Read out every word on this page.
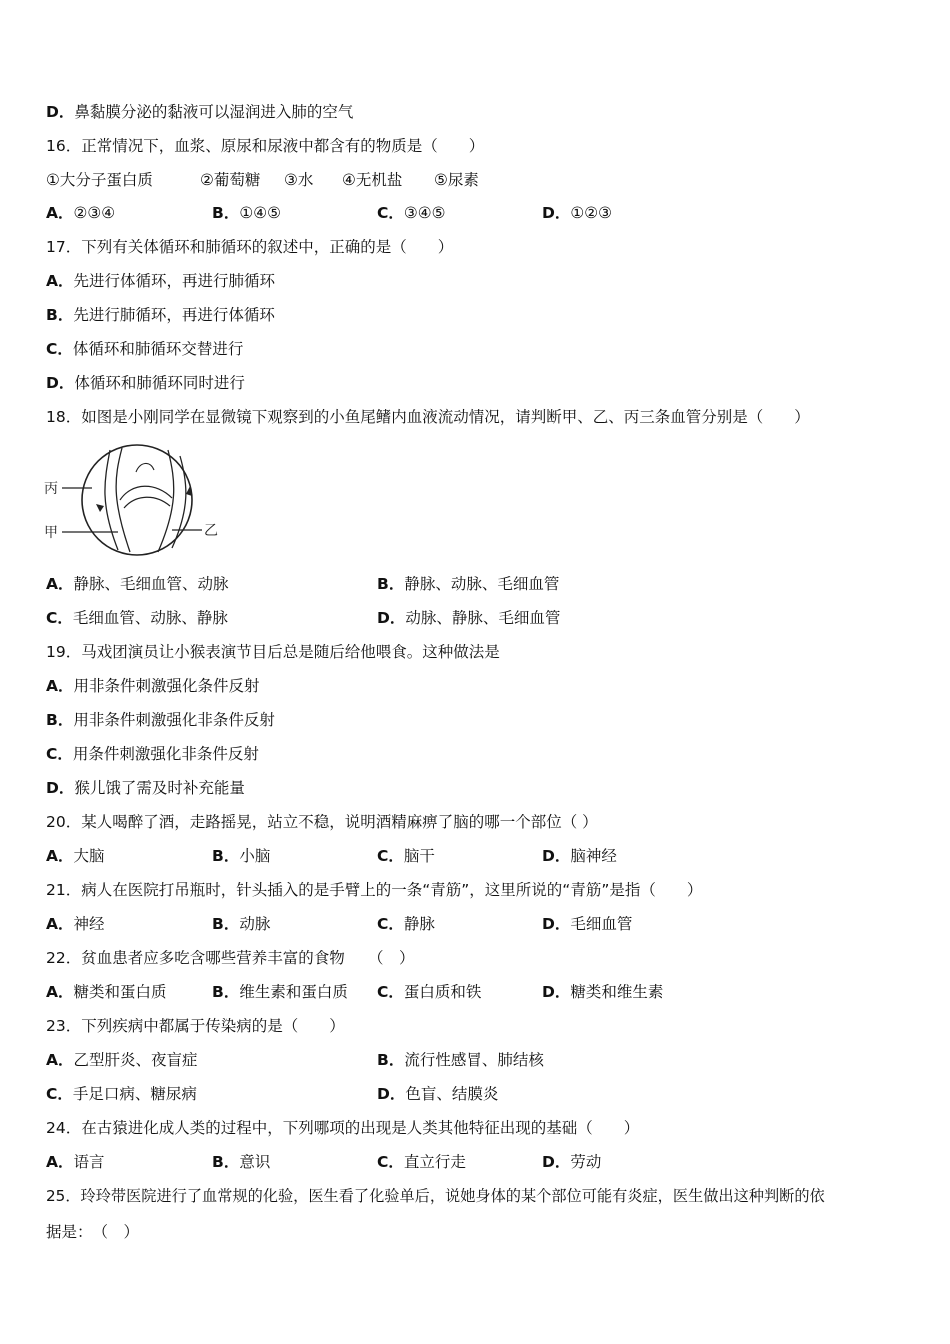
D．鼻黏膜分泌的黏液可以湿润进入肺的空气
16．正常情况下，血浆、原尿和尿液中都含有的物质是（　　）
①大分子蛋白质	②葡萄糖 ③水 ④无机盐 ⑤尿素
A．②③④	B．①④⑤	C．③④⑤	D．①②③
17．下列有关体循环和肺循环的叙述中，正确的是（　　）
A．先进行体循环，再进行肺循环
B．先进行肺循环，再进行体循环
C．体循环和肺循环交替进行
D．体循环和肺循环同时进行
18．如图是小刚同学在显微镜下观察到的小鱼尾鳍内血液流动情况，请判断甲、乙、丙三条血管分别是（　　）
丙
甲	乙
A．静脉、毛细血管、动脉	B．静脉、动脉、毛细血管
C．毛细血管、动脉、静脉	D．动脉、静脉、毛细血管
19．马戏团演员让小猴表演节目后总是随后给他喂食。这种做法是
A．用非条件刺激强化条件反射
B．用非条件刺激强化非条件反射
C．用条件刺激强化非条件反射
D．猴儿饿了需及时补充能量
20．某人喝醉了酒，走路摇晃，站立不稳，说明酒精麻痹了脑的哪一个部位（ ）
A．大脑	B．小脑	C．脑干	D．脑神经
21．病人在医院打吊瓶时，针头插入的是手臂上的一条“青筋”，这里所说的“青筋”是指（　　）
A．神经	B．动脉	C．静脉	D．毛细血管
22．贫血患者应多吃含哪些营养丰富的食物　　（　）
A．糖类和蛋白质	B．维生素和蛋白质 C．蛋白质和铁	D．糖类和维生素
23．下列疾病中都属于传染病的是（　　）
A．乙型肝炎、夜盲症	B．流行性感冒、肺结核
C．手足口病、糖尿病	D．色盲、结膜炎
24．在古猿进化成人类的过程中，下列哪项的出现是人类其他特征出现的基础（　　）
A．语言	B．意识	C．直立行走	D．劳动
25．玲玲带医院进行了血常规的化验，医生看了化验单后，说她身体的某个部位可能有炎症，医生做出这种判断的依
据是：　（　）
